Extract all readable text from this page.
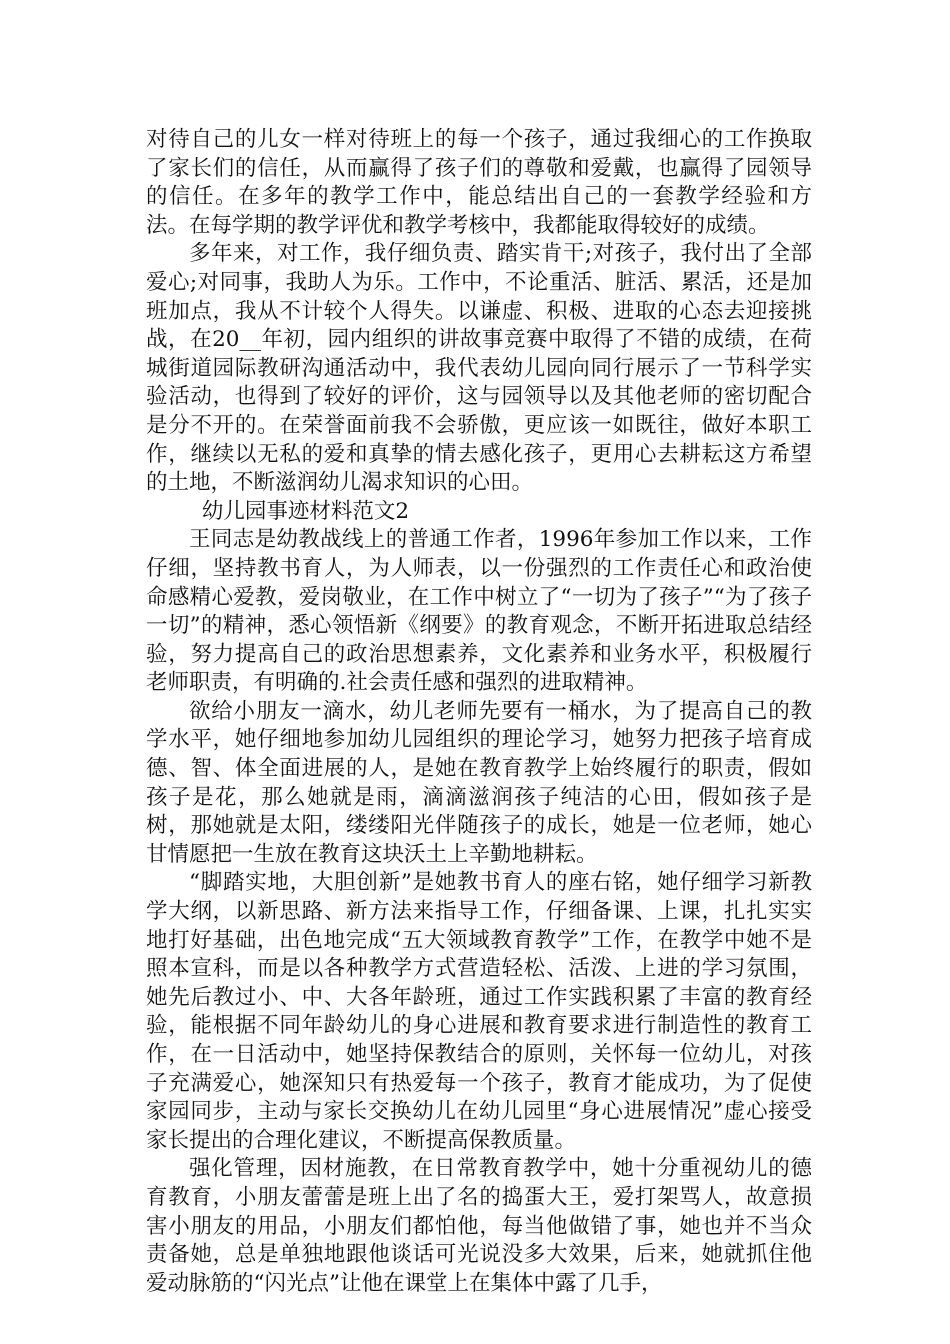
对待自己的儿女一样对待班上的每一个孩子，通过我细心的工作换取了家长们的信任，从而赢得了孩子们的尊敬和爱戴，也赢得了园领导的信任。在多年的教学工作中，能总结出自己的一套教学经验和方法。在每学期的教学评优和教学考核中，我都能取得较好的成绩。

多年来，对工作，我仔细负责、踏实肯干;对孩子，我付出了全部爱心;对同事，我助人为乐。工作中，不论重活、脏活、累活，还是加班加点，我从不计较个人得失。以谦虚、积极、进取的心态去迎接挑战，在20__年初，园内组织的讲故事竞赛中取得了不错的成绩，在荷城街道园际教研沟通活动中，我代表幼儿园向同行展示了一节科学实验活动，也得到了较好的评价，这与园领导以及其他老师的密切配合是分不开的。在荣誉面前我不会骄傲，更应该一如既往，做好本职工作，继续以无私的爱和真挚的情去感化孩子，更用心去耕耘这方希望的土地，不断滋润幼儿渴求知识的心田。

幼儿园事迹材料范文2

王同志是幼教战线上的普通工作者，1996年参加工作以来，工作仔细，坚持教书育人，为人师表，以一份强烈的工作责任心和政治使命感精心爱教，爱岗敬业，在工作中树立了“一切为了孩子”“为了孩子一切”的精神，悉心领悟新《纲要》的教育观念，不断开拓进取总结经验，努力提高自己的政治思想素养，文化素养和业务水平，积极履行老师职责，有明确的.社会责任感和强烈的进取精神。

欲给小朋友一滴水，幼儿老师先要有一桶水，为了提高自己的教学水平，她仔细地参加幼儿园组织的理论学习，她努力把孩子培育成德、智、体全面进展的人，是她在教育教学上始终履行的职责，假如孩子是花，那么她就是雨，滴滴滋润孩子纯洁的心田，假如孩子是树，那她就是太阳，缕缕阳光伴随孩子的成长，她是一位老师，她心甘情愿把一生放在教育这块沃土上辛勤地耕耘。

“脚踏实地，大胆创新”是她教书育人的座右铭，她仔细学习新教学大纲，以新思路、新方法来指导工作，仔细备课、上课，扎扎实实地打好基础，出色地完成“五大领域教育教学”工作，在教学中她不是照本宣科，而是以各种教学方式营造轻松、活泼、上进的学习氛围，她先后教过小、中、大各年龄班，通过工作实践积累了丰富的教育经验，能根据不同年龄幼儿的身心进展和教育要求进行制造性的教育工作，在一日活动中，她坚持保教结合的原则，关怀每一位幼儿，对孩子充满爱心，她深知只有热爱每一个孩子，教育才能成功，为了促使家园同步，主动与家长交换幼儿在幼儿园里“身心进展情况”虚心接受家长提出的合理化建议，不断提高保教质量。

强化管理，因材施教，在日常教育教学中，她十分重视幼儿的德育教育，小朋友蕾蕾是班上出了名的捣蛋大王，爱打架骂人，故意损害小朋友的用品，小朋友们都怕他，每当他做错了事，她也并不当众责备她，总是单独地跟他谈话可光说没多大效果，后来，她就抓住他爱动脉筋的“闪光点”让他在课堂上在集体中露了几手，
